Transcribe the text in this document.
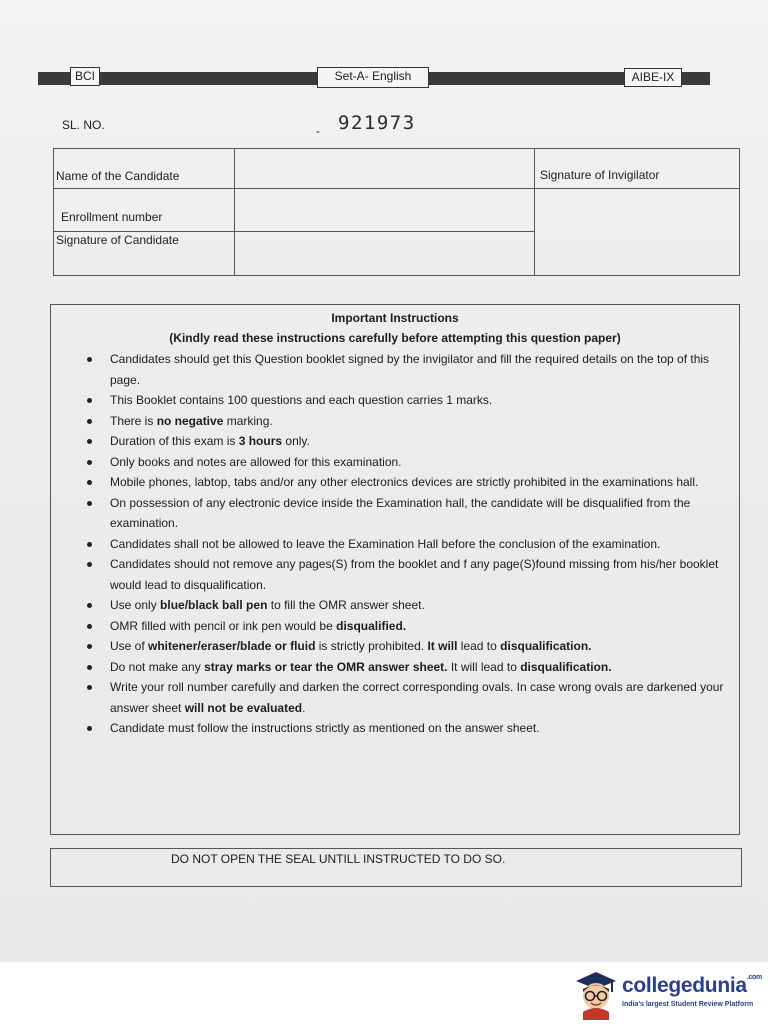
BCI	Set-A- English	AIBE-IX
SL. NO.	- 921973
Name of the Candidate
Enrollment number
Signature of Candidate
Signature of Invigilator
Important Instructions
(Kindly read these instructions carefully before attempting this question paper)
Candidates should get this Question booklet signed by the invigilator and fill the required details on the top of this page.
This Booklet contains 100 questions and each question carries 1 marks.
There is no negative marking.
Duration of this exam is 3 hours only.
Only books and notes are allowed for this examination.
Mobile phones, labtop, tabs and/or any other electronics devices are strictly prohibited in the examinations hall.
On possession of any electronic device inside the Examination hall, the candidate will be disqualified from the examination.
Candidates shall not be allowed to leave the Examination Hall before the conclusion of the examination.
Candidates should not remove any pages(S) from the booklet and f any page(S)found missing from his/her booklet would lead to disqualification.
Use only blue/black ball pen to fill the OMR answer sheet.
OMR filled with pencil or ink pen would be disqualified.
Use of whitener/eraser/blade or fluid is strictly prohibited. It will lead to disqualification.
Do not make any stray marks or tear the OMR answer sheet. It will lead to disqualification.
Write your roll number carefully and darken the correct corresponding ovals. In case wrong ovals are darkened your answer sheet will not be evaluated.
Candidate must follow the instructions strictly as mentioned on the answer sheet.
DO NOT OPEN THE SEAL UNTILL INSTRUCTED TO DO SO.
collegedunia$^{.com}$
India's largest Student Review Platform
